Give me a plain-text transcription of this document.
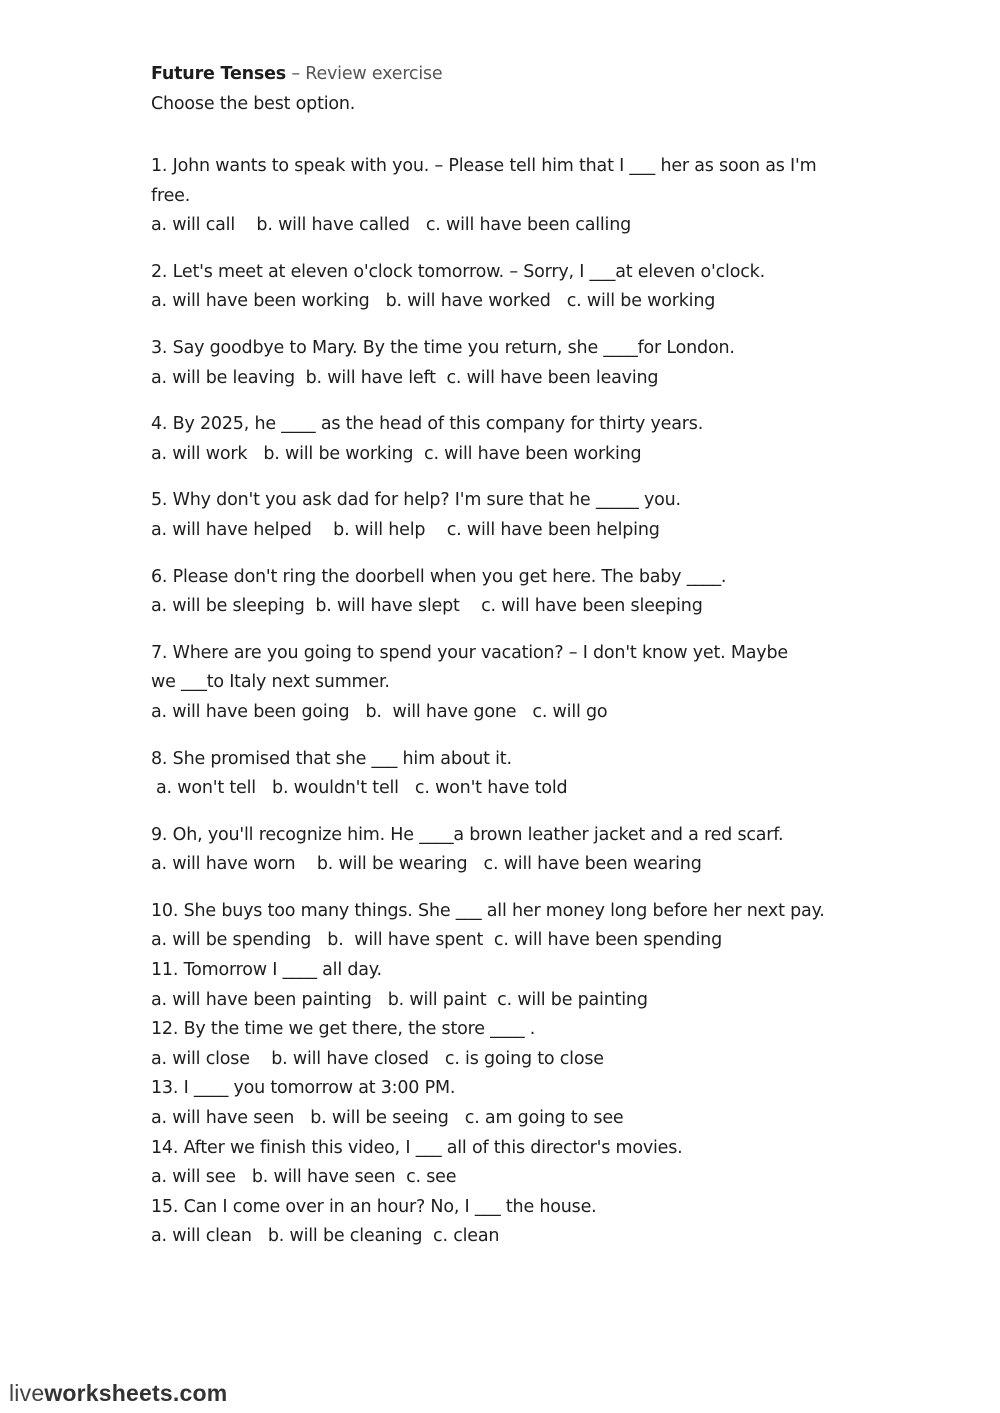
Future Tenses – Review exercise
Choose the best option.
1. John wants to speak with you. – Please tell him that I ___ her as soon as I'm
free.
a. will call    b. will have called   c. will have been calling
2. Let's meet at eleven o'clock tomorrow. – Sorry, I ___at eleven o'clock.
a. will have been working   b. will have worked   c. will be working
3. Say goodbye to Mary. By the time you return, she ____for London.
a. will be leaving  b. will have left  c. will have been leaving
4. By 2025, he ____ as the head of this company for thirty years.
a. will work   b. will be working  c. will have been working
5. Why don't you ask dad for help? I'm sure that he _____ you.
a. will have helped    b. will help    c. will have been helping
6. Please don't ring the doorbell when you get here. The baby ____.
a. will be sleeping  b. will have slept    c. will have been sleeping
7. Where are you going to spend your vacation? – I don't know yet. Maybe
we ___to Italy next summer.
a. will have been going   b.  will have gone   c. will go
8. She promised that she ___ him about it.
a. won't tell   b. wouldn't tell   c. won't have told
9. Oh, you'll recognize him. He ____a brown leather jacket and a red scarf.
a. will have worn    b. will be wearing   c. will have been wearing
10. She buys too many things. She ___ all her money long before her next pay.
a. will be spending   b.  will have spent  c. will have been spending
11. Tomorrow I ____ all day.
a. will have been painting   b. will paint  c. will be painting
12. By the time we get there, the store ____ .
a. will close    b. will have closed   c. is going to close
13. I ____ you tomorrow at 3:00 PM.
a. will have seen   b. will be seeing   c. am going to see
14. After we finish this video, I ___ all of this director's movies.
a. will see   b. will have seen  c. see
15. Can I come over in an hour? No, I ___ the house.
a. will clean   b. will be cleaning  c. clean
liveworksheets.com
